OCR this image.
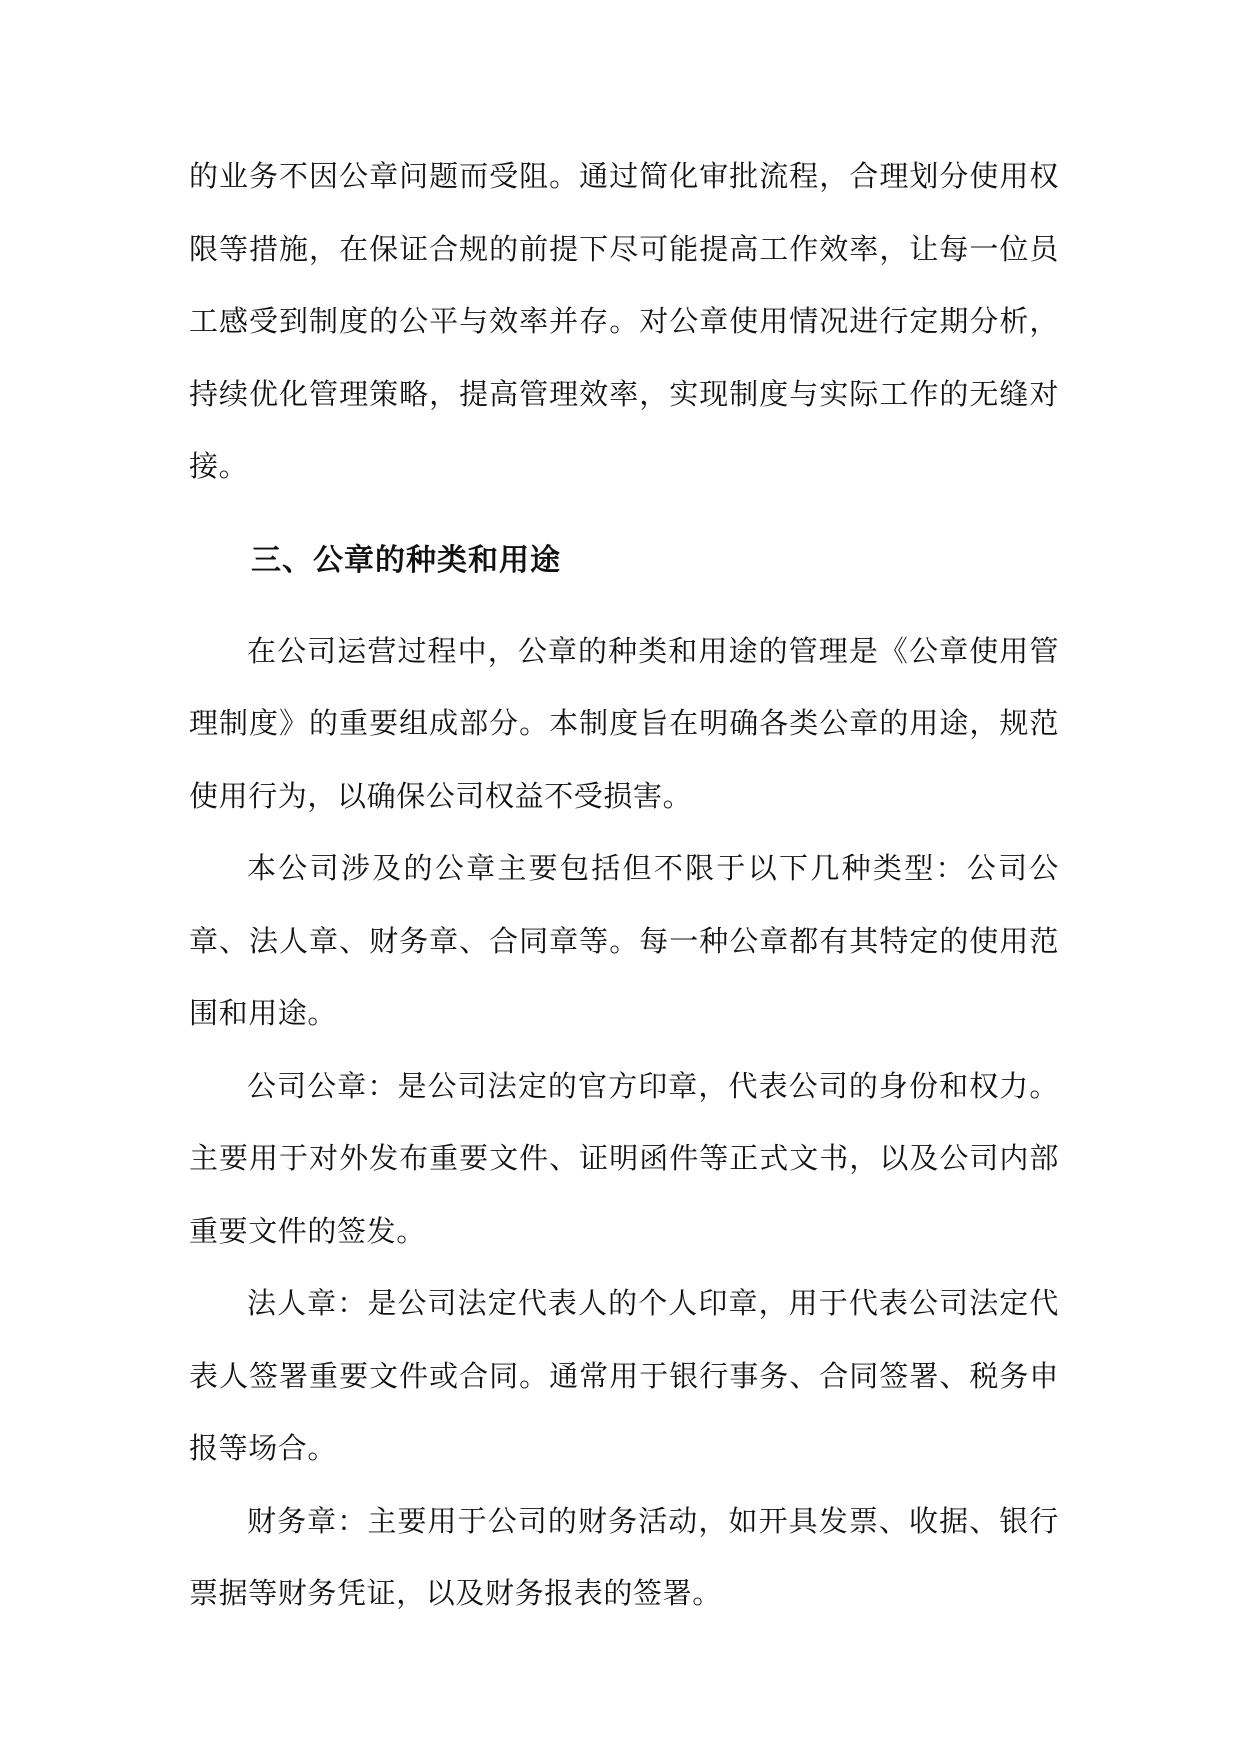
的业务不因公章问题而受阻。通过简化审批流程，合理划分使用权限等措施，在保证合规的前提下尽可能提高工作效率，让每一位员工感受到制度的公平与效率并存。对公章使用情况进行定期分析，持续优化管理策略，提高管理效率，实现制度与实际工作的无缝对接。

三、公章的种类和用途

在公司运营过程中，公章的种类和用途的管理是《公章使用管理制度》的重要组成部分。本制度旨在明确各类公章的用途，规范使用行为，以确保公司权益不受损害。

本公司涉及的公章主要包括但不限于以下几种类型：公司公章、法人章、财务章、合同章等。每一种公章都有其特定的使用范围和用途。

公司公章：是公司法定的官方印章，代表公司的身份和权力。主要用于对外发布重要文件、证明函件等正式文书，以及公司内部重要文件的签发。

法人章：是公司法定代表人的个人印章，用于代表公司法定代表人签署重要文件或合同。通常用于银行事务、合同签署、税务申报等场合。

财务章：主要用于公司的财务活动，如开具发票、收据、银行票据等财务凭证，以及财务报表的签署。
